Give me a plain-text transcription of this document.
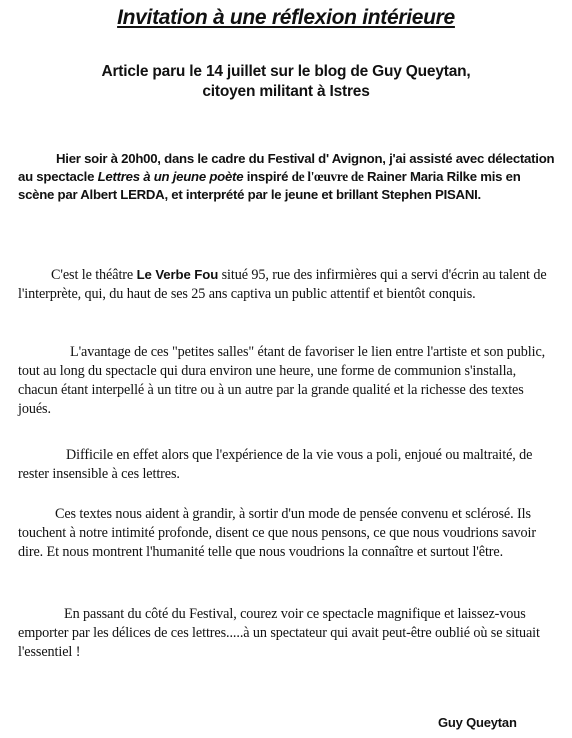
Invitation à une réflexion intérieure
Article paru le 14 juillet sur le blog de Guy Queytan,
citoyen militant à Istres
Hier soir à 20h00, dans le cadre du Festival d' Avignon, j'ai assisté avec délectation au spectacle Lettres à un jeune poète inspiré de l'œuvre de Rainer Maria Rilke mis en scène par Albert LERDA, et interprété par le jeune et brillant Stephen PISANI.
C'est le théâtre Le Verbe Fou situé 95, rue des infirmières qui a servi d'écrin au talent de l'interprète, qui, du haut de ses 25 ans captiva un public attentif et bientôt conquis.
L'avantage de ces "petites salles" étant de favoriser le lien entre l'artiste et son public, tout au long du spectacle qui dura environ une heure, une forme de communion s'installa, chacun étant interpellé à un titre ou à un autre par la grande qualité et la richesse des textes joués.
Difficile en effet alors que l'expérience de la vie vous a poli, enjoué ou maltraité, de rester insensible à ces lettres.
Ces textes nous aident à grandir, à sortir d'un mode de pensée convenu et sclérosé. Ils touchent à notre intimité profonde, disent ce que nous pensons, ce que nous voudrions savoir dire. Et nous montrent l'humanité telle que nous voudrions la connaître et surtout l'être.
En passant du côté du Festival, courez voir ce spectacle magnifique et laissez-vous emporter par les délices de ces lettres.....à un spectateur qui avait peut-être oublié où se situait l'essentiel !
Guy Queytan
